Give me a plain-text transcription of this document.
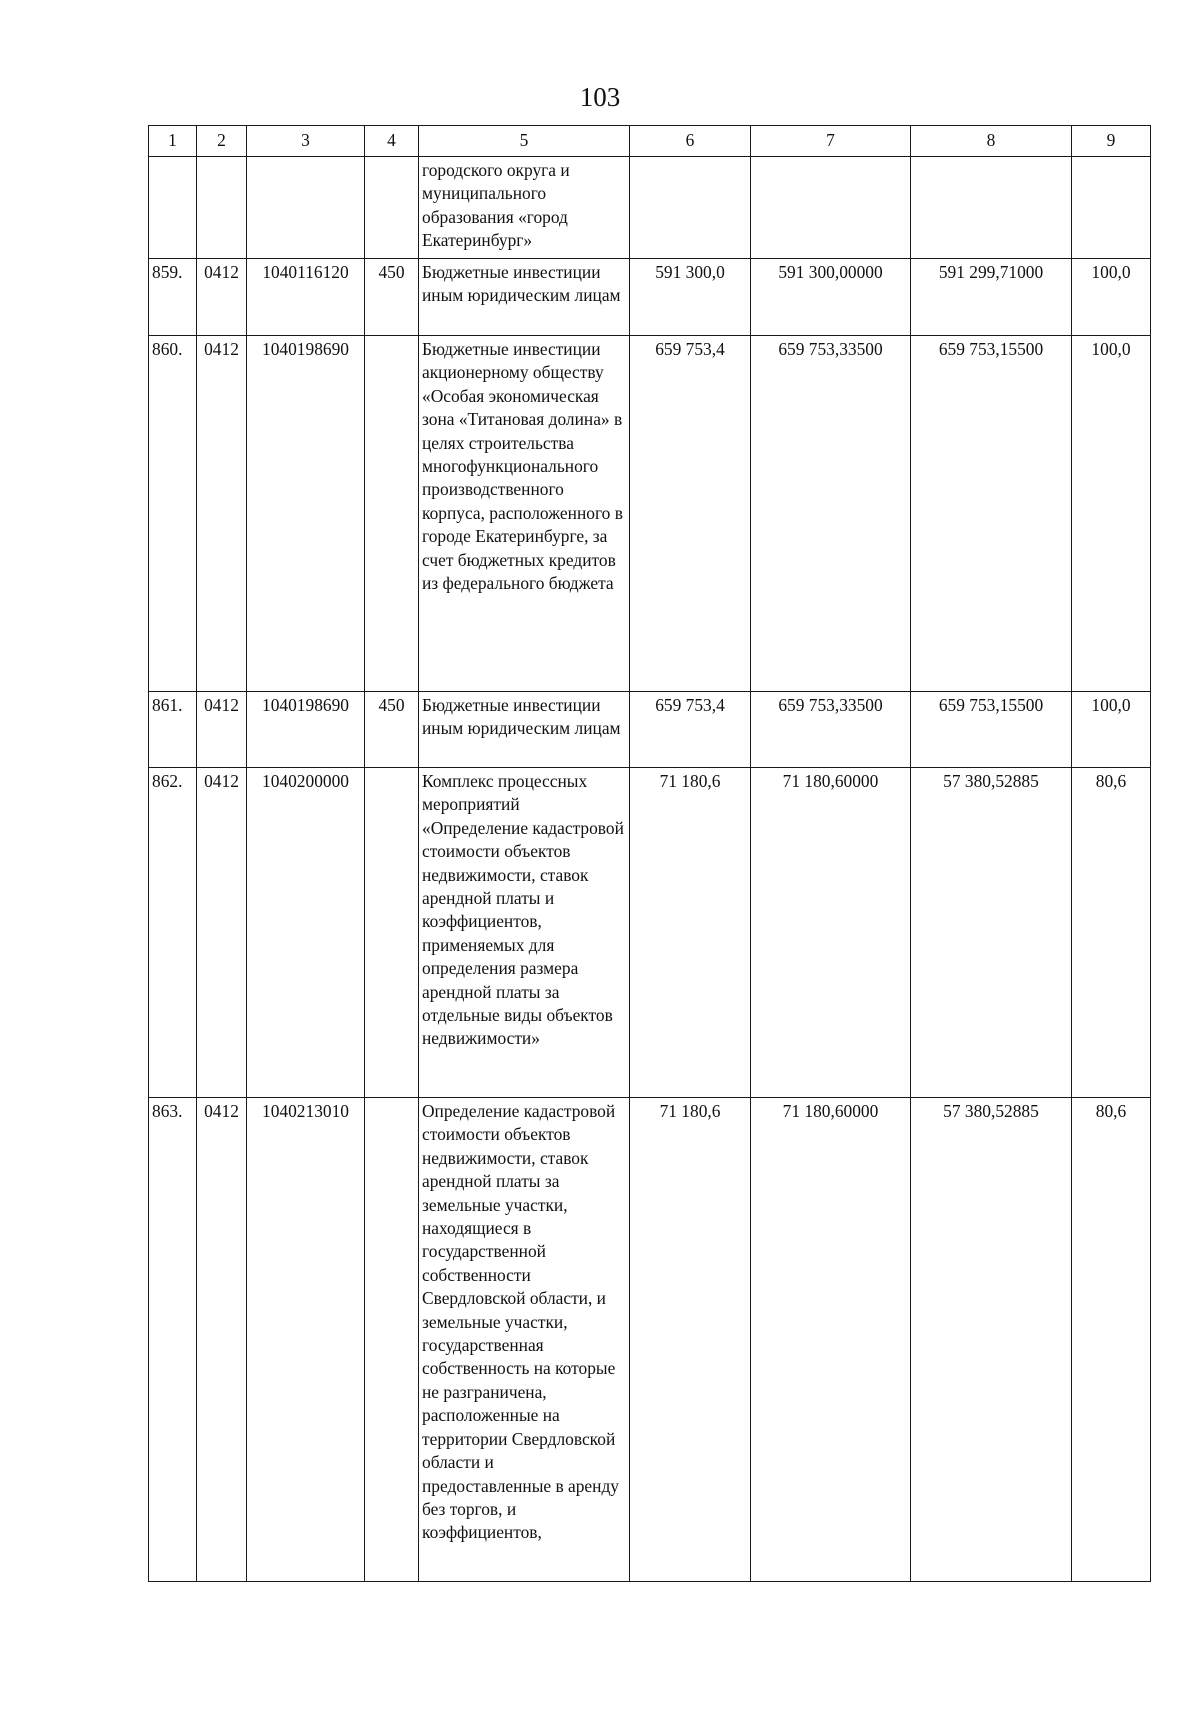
103
1	2	3	4	5	6	7	8	9
				городского округа и муниципального образования «город Екатеринбург»				
859.	0412	1040116120	450	Бюджетные инвестиции иным юридическим лицам	591 300,0	591 300,00000	591 299,71000	100,0
860.	0412	1040198690		Бюджетные инвестиции акционерному обществу «Особая экономическая зона «Титановая долина» в целях строительства многофункционального производственного корпуса, расположенного в городе Екатеринбурге, за счет бюджетных кредитов из федерального бюджета	659 753,4	659 753,33500	659 753,15500	100,0
861.	0412	1040198690	450	Бюджетные инвестиции иным юридическим лицам	659 753,4	659 753,33500	659 753,15500	100,0
862.	0412	1040200000		Комплекс процессных мероприятий «Определение кадастровой стоимости объектов недвижимости, ставок арендной платы и коэффициентов, применяемых для определения размера арендной платы за отдельные виды объектов недвижимости»	71 180,6	71 180,60000	57 380,52885	80,6
863.	0412	1040213010		Определение кадастровой стоимости объектов недвижимости, ставок арендной платы за земельные участки, находящиеся в государственной собственности Свердловской области, и земельные участки, государственная собственность на которые не разграничена, расположенные на территории Свердловской области и предоставленные в аренду без торгов, и коэффициентов,	71 180,6	71 180,60000	57 380,52885	80,6
